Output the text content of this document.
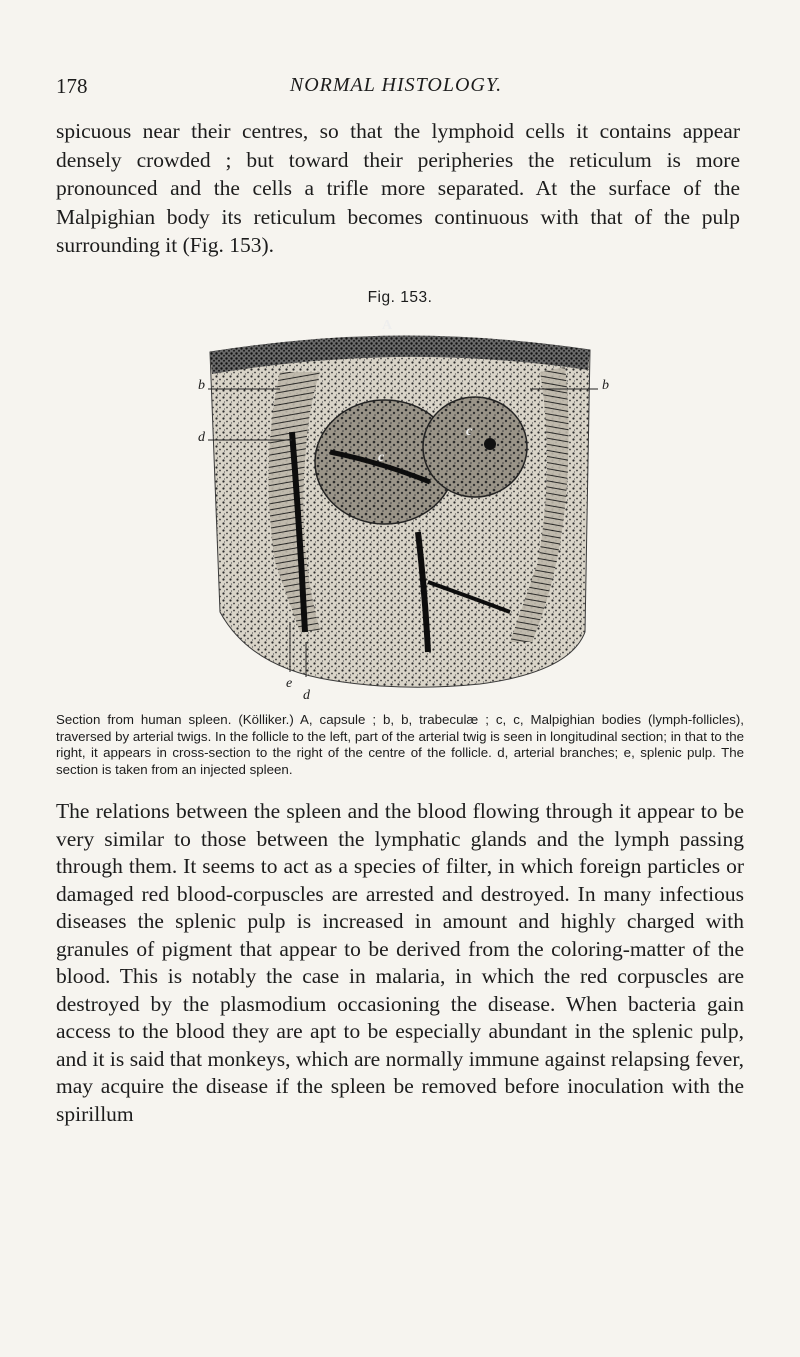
178	NORMAL HISTOLOGY.

spicuous near their centres, so that the lymphoid cells it contains appear densely crowded ; but toward their peripheries the reticulum is more pronounced and the cells a trifle more separated. At the surface of the Malpighian body its reticulum becomes continuous with that of the pulp surrounding it (Fig. 153).

Fig. 153.
A
b	b
d
c
c
e
d

Section from human spleen. (Kölliker.) A, capsule ; b, b, trabeculæ ; c, c, Malpighian bodies (lymph-follicles), traversed by arterial twigs. In the follicle to the left, part of the arterial twig is seen in longitudinal section; in that to the right, it appears in cross-section to the right of the centre of the follicle. d, arterial branches; e, splenic pulp. The section is taken from an injected spleen.

The relations between the spleen and the blood flowing through it appear to be very similar to those between the lymphatic glands and the lymph passing through them. It seems to act as a species of filter, in which foreign particles or damaged red blood-corpuscles are arrested and destroyed. In many infectious diseases the splenic pulp is increased in amount and highly charged with granules of pigment that appear to be derived from the coloring-matter of the blood. This is notably the case in malaria, in which the red corpuscles are destroyed by the plasmodium occasioning the disease. When bacteria gain access to the blood they are apt to be especially abundant in the splenic pulp, and it is said that monkeys, which are normally immune against relapsing fever, may acquire the disease if the spleen be removed before inoculation with the spirillum
